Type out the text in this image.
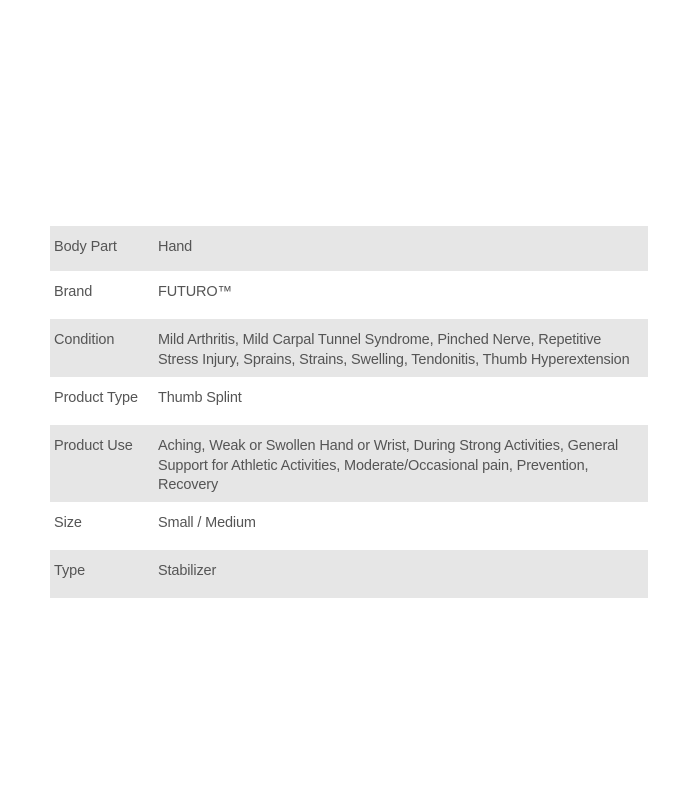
Body Part	Hand
Brand	FUTURO™
Condition	Mild Arthritis, Mild Carpal Tunnel Syndrome, Pinched Nerve, Repetitive Stress Injury, Sprains, Strains, Swelling, Tendonitis, Thumb Hyperextension
Product Type	Thumb Splint
Product Use	Aching, Weak or Swollen Hand or Wrist, During Strong Activities, General Support for Athletic Activities, Moderate/Occasional pain, Prevention, Recovery
Size	Small / Medium
Type	Stabilizer
